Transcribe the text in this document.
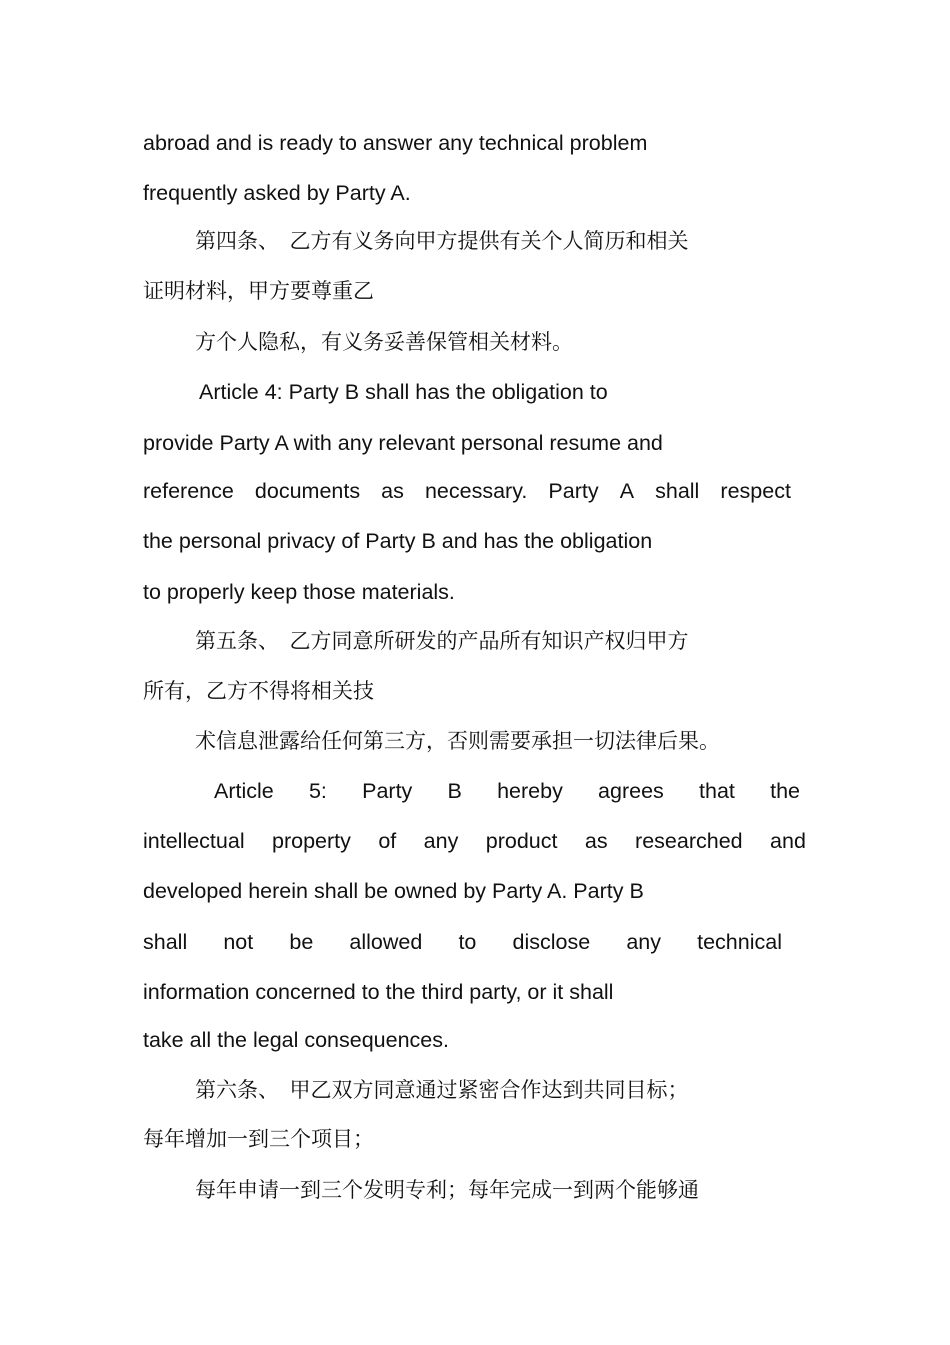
abroad and is ready to answer any technical problem
frequently asked by Party A.
第四条、　乙方有义务向甲方提供有关个人简历和相关
证明材料，甲方要尊重乙
方个人隐私，有义务妥善保管相关材料。
Article 4: Party B shall has the obligation to
provide Party A with any relevant personal resume and
reference documents as necessary. Party A shall respect
the personal privacy of Party B and has the obligation
to properly keep those materials.
第五条、　乙方同意所研发的产品所有知识产权归甲方
所有，乙方不得将相关技
术信息泄露给任何第三方，否则需要承担一切法律后果。
Article 5: Party B hereby agrees that the
intellectual property of any product as researched and
developed herein shall be owned by Party A. Party B
shall not be allowed to disclose any technical
information concerned to the third party, or it shall
take all the legal consequences.
第六条、　甲乙双方同意通过紧密合作达到共同目标；
每年增加一到三个项目；
每年申请一到三个发明专利；每年完成一到两个能够通
